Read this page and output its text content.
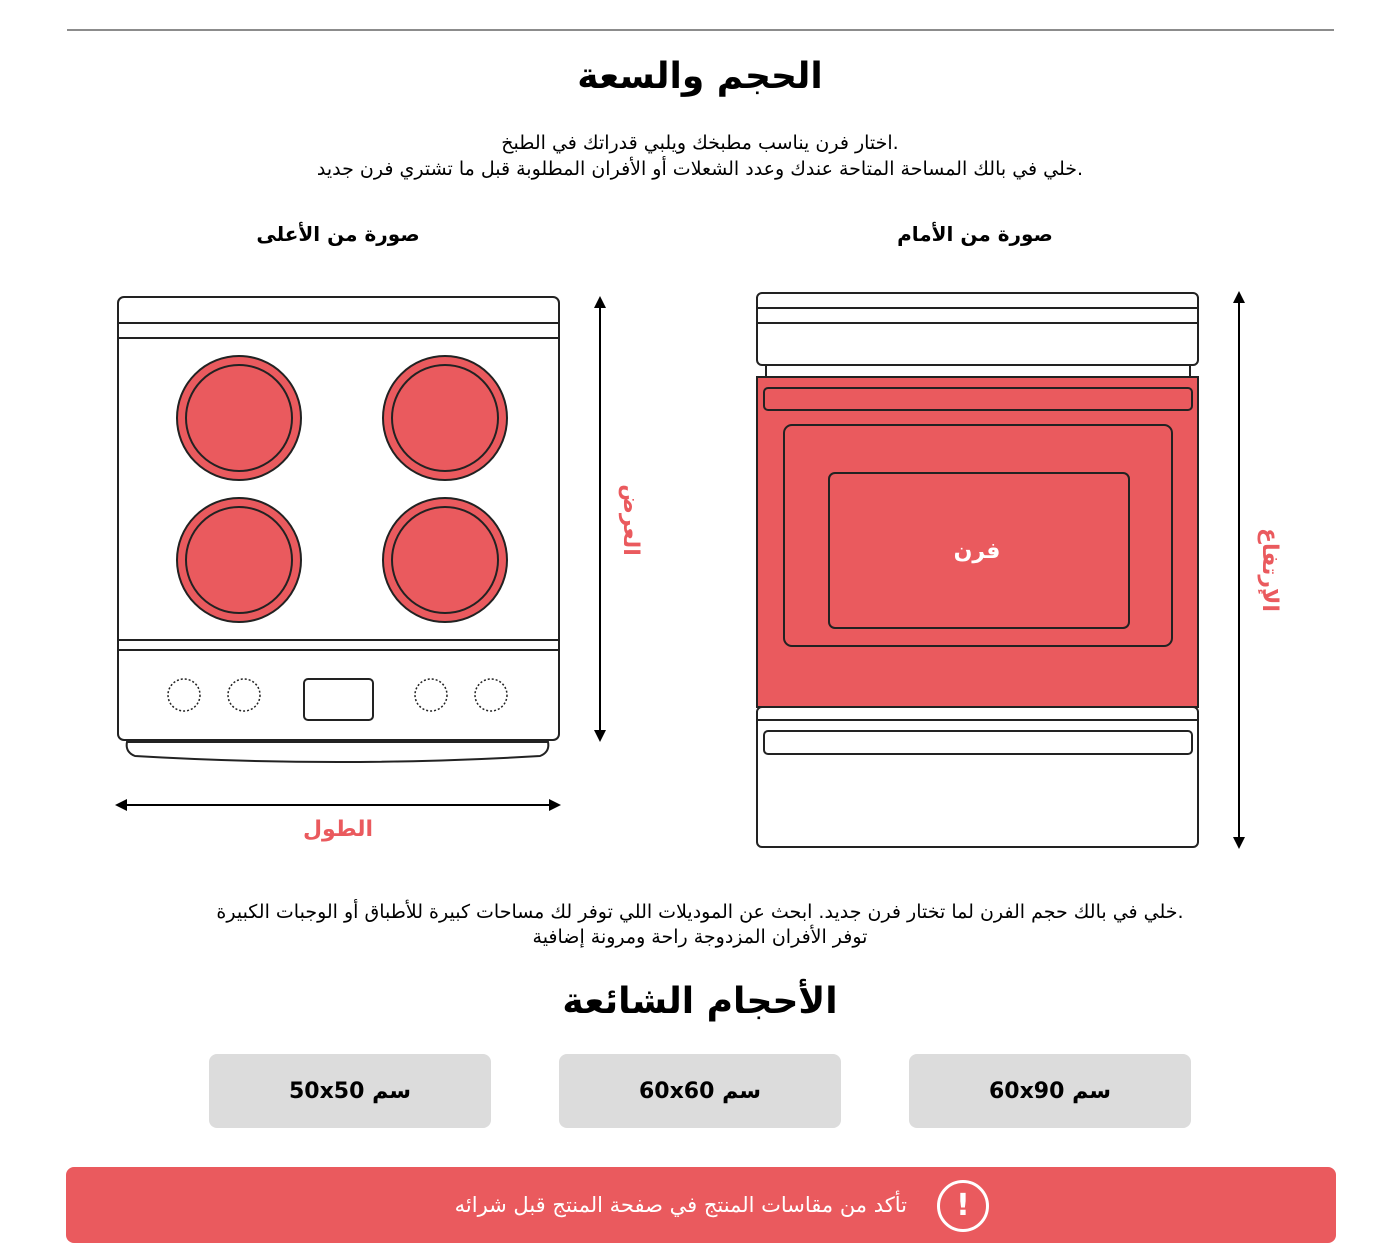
الحجم والسعة

اختار فرن يناسب مطبخك ويلبي قدراتك في الطبخ.

خلي في بالك المساحة المتاحة عندك وعدد الشعلات أو الأفران المطلوبة قبل ما تشتري فرن جديد.

صورة من الأمام
صورة من الأعلى
العرض
الطول
فرن	الإرتفاع

خلي في بالك حجم الفرن لما تختار فرن جديد. ابحث عن الموديلات اللي توفر لك مساحات كبيرة للأطباق أو الوجبات الكبيرة.

توفر الأفران المزدوجة راحة ومرونة إضافية

الأحجام الشائعة
60x90 سم
60x60 سم
50x50 سم
!
تأكد من مقاسات المنتج في صفحة المنتج قبل شرائه
